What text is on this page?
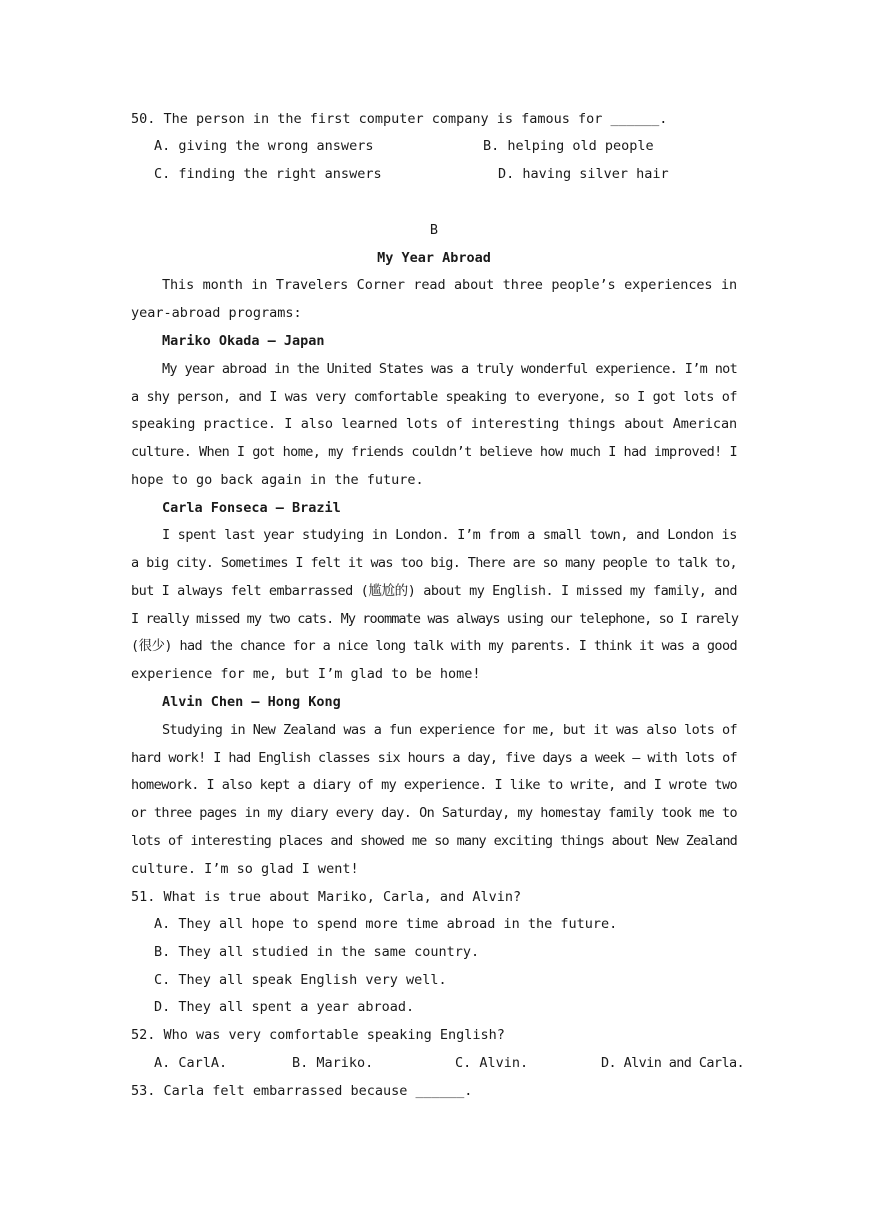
50. The person in the first computer company is famous for ______.
A. giving the wrong answers	B. helping old people
C. finding the right answers	D. having silver hair
B
My Year Abroad
This month in Travelers Corner read about three people’s experiences in
year-abroad programs:
Mariko Okada — Japan
My year abroad in the United States was a truly wonderful experience. I’m not
a shy person, and I was very comfortable speaking to everyone, so I got lots of
speaking practice. I also learned lots of interesting things about American
culture. When I got home, my friends couldn’t believe how much I had improved! I
hope to go back again in the future.
Carla Fonseca — Brazil
I spent last year studying in London. I’m from a small town, and London is
a big city. Sometimes I felt it was too big. There are so many people to talk to,
but I always felt embarrassed (尴尬的) about my English. I missed my family, and
I really missed my two cats. My roommate was always using our telephone, so I rarely
(很少) had the chance for a nice long talk with my parents. I think it was a good
experience for me, but I’m glad to be home!
Alvin Chen — Hong Kong
Studying in New Zealand was a fun experience for me, but it was also lots of
hard work! I had English classes six hours a day, five days a week — with lots of
homework. I also kept a diary of my experience. I like to write, and I wrote two
or three pages in my diary every day. On Saturday, my homestay family took me to
lots of interesting places and showed me so many exciting things about New Zealand
culture. I’m so glad I went!
51. What is true about Mariko, Carla, and Alvin?
A. They all hope to spend more time abroad in the future.
B. They all studied in the same country.
C. They all speak English very well.
D. They all spent a year abroad.
52. Who was very comfortable speaking English?
A. CarlA.	B. Mariko.	C. Alvin.	D. Alvin and Carla.
53. Carla felt embarrassed because ______.
